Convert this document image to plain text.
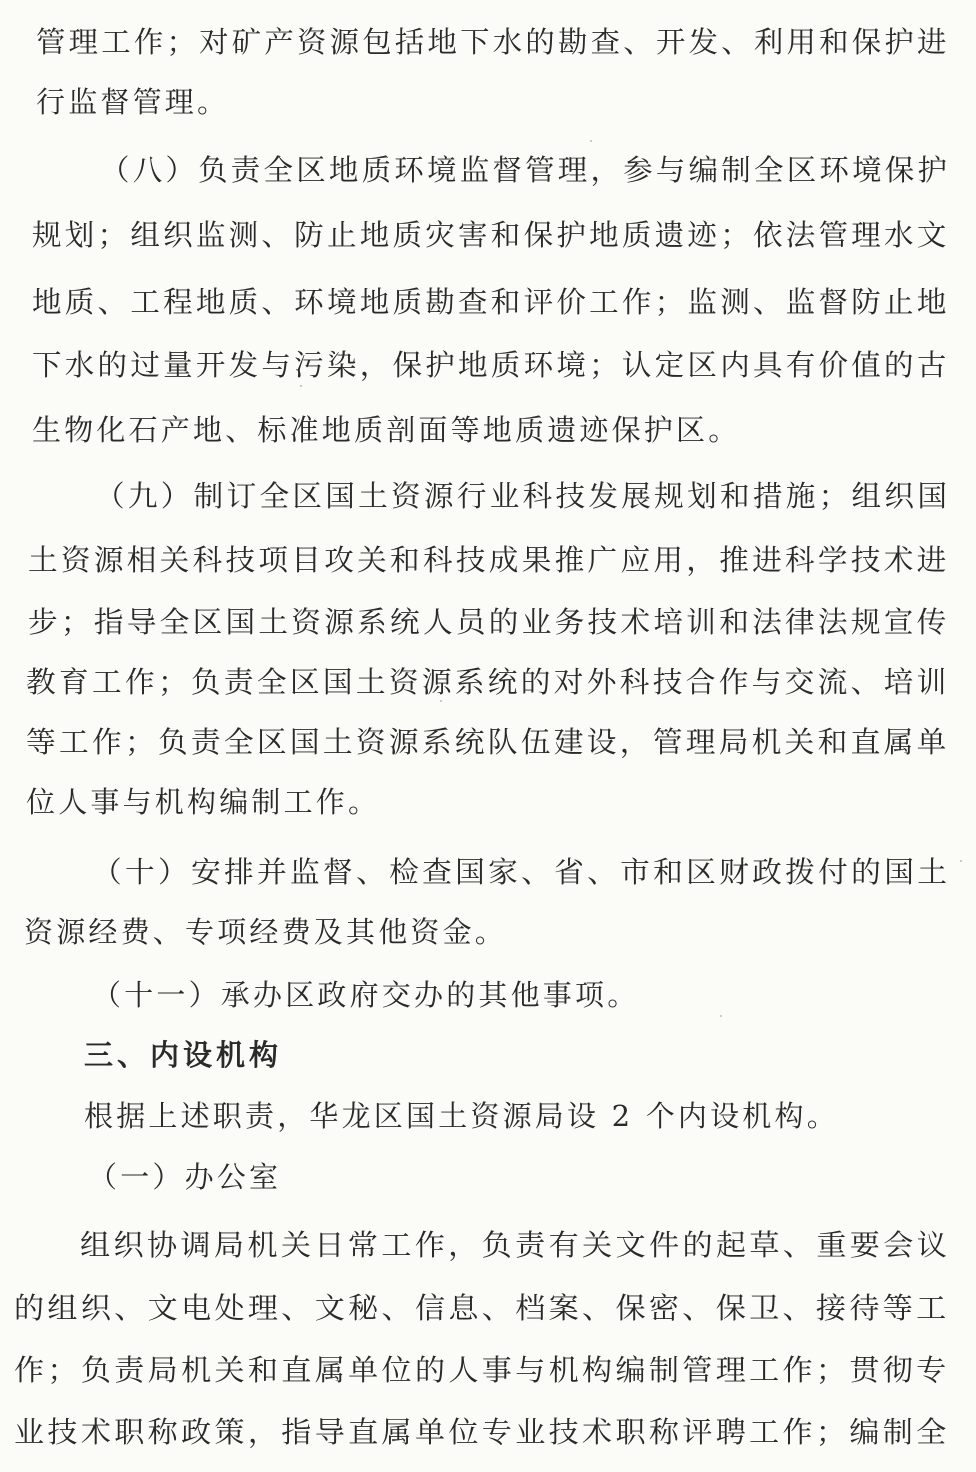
管理工作；对矿产资源包括地下水的勘查、开发、利用和保护进
行监督管理。
（八）负责全区地质环境监督管理，参与编制全区环境保护
规划；组织监测、防止地质灾害和保护地质遗迹；依法管理水文
地质、工程地质、环境地质勘查和评价工作；监测、监督防止地
下水的过量开发与污染，保护地质环境；认定区内具有价值的古
生物化石产地、标准地质剖面等地质遗迹保护区。
（九）制订全区国土资源行业科技发展规划和措施；组织国
土资源相关科技项目攻关和科技成果推广应用，推进科学技术进
步；指导全区国土资源系统人员的业务技术培训和法律法规宣传
教育工作；负责全区国土资源系统的对外科技合作与交流、培训
等工作；负责全区国土资源系统队伍建设，管理局机关和直属单
位人事与机构编制工作。
（十）安排并监督、检查国家、省、市和区财政拨付的国土
资源经费、专项经费及其他资金。
（十一）承办区政府交办的其他事项。
三、内设机构
根据上述职责，华龙区国土资源局设 2 个内设机构。
（一）办公室
组织协调局机关日常工作，负责有关文件的起草、重要会议
的组织、文电处理、文秘、信息、档案、保密、保卫、接待等工
作；负责局机关和直属单位的人事与机构编制管理工作；贯彻专
业技术职称政策，指导直属单位专业技术职称评聘工作；编制全
